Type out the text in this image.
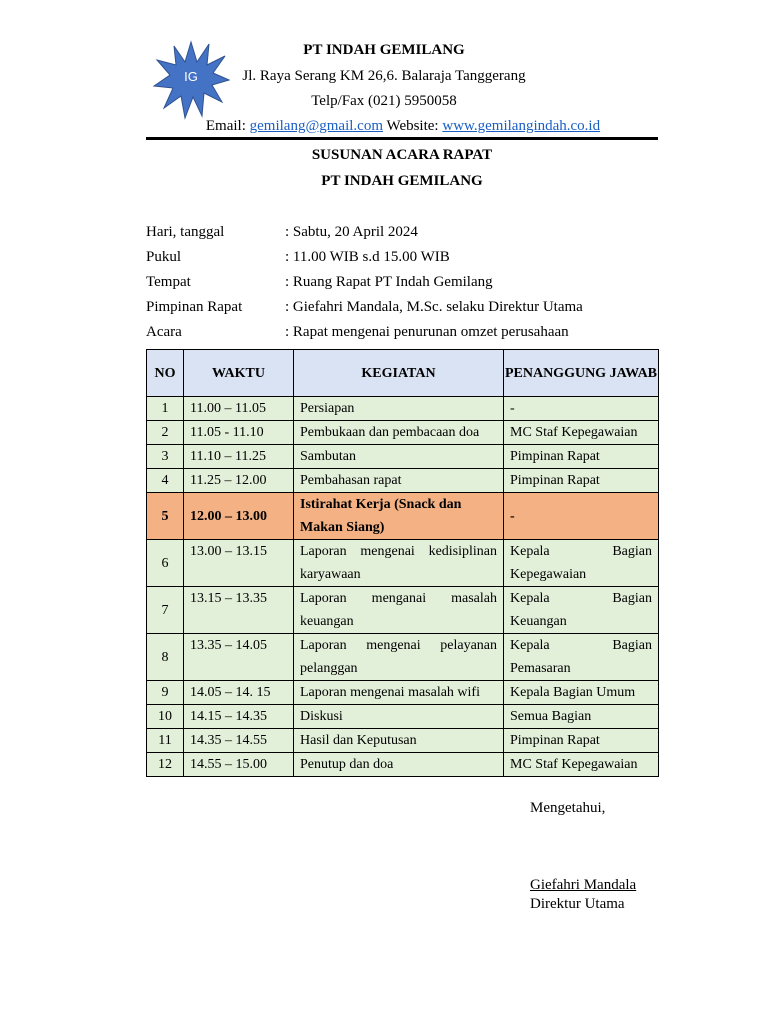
IG
PT INDAH GEMILANG
Jl. Raya Serang KM 26,6. Balaraja Tanggerang
Telp/Fax (021) 5950058
Email: gemilang@gmail.com Website: www.gemilangindah.co.id
SUSUNAN ACARA RAPAT
PT INDAH GEMILANG
Hari, tanggal	: Sabtu, 20 April 2024
Pukul	: 11.00 WIB s.d 15.00 WIB
Tempat	: Ruang Rapat PT Indah Gemilang
Pimpinan Rapat	: Giefahri Mandala, M.Sc. selaku Direktur Utama
Acara	: Rapat mengenai penurunan omzet perusahaan
NO	WAKTU	KEGIATAN	PENANGGUNG JAWAB
1	11.00 – 11.05	Persiapan	-
2	11.05 - 11.10	Pembukaan dan pembacaan doa	MC Staf Kepegawaian
3	11.10 – 11.25	Sambutan	Pimpinan Rapat
4	11.25 – 12.00	Pembahasan rapat	Pimpinan Rapat
5	12.00 – 13.00	Istirahat Kerja (Snack dan Makan Siang)	-
6	13.00 – 13.15	Laporan mengenai kedisiplinan karyawaan	Kepala Bagian Kepegawaian
7	13.15 – 13.35	Laporan menganai masalah keuangan	Kepala Bagian Keuangan
8	13.35 – 14.05	Laporan mengenai pelayanan pelanggan	Kepala Bagian Pemasaran
9	14.05 – 14. 15	Laporan mengenai masalah wifi	Kepala Bagian Umum
10	14.15 – 14.35	Diskusi	Semua Bagian
11	14.35 – 14.55	Hasil dan Keputusan	Pimpinan Rapat
12	14.55 – 15.00	Penutup dan doa	MC Staf Kepegawaian
Mengetahui,
Giefahri Mandala
Direktur Utama
